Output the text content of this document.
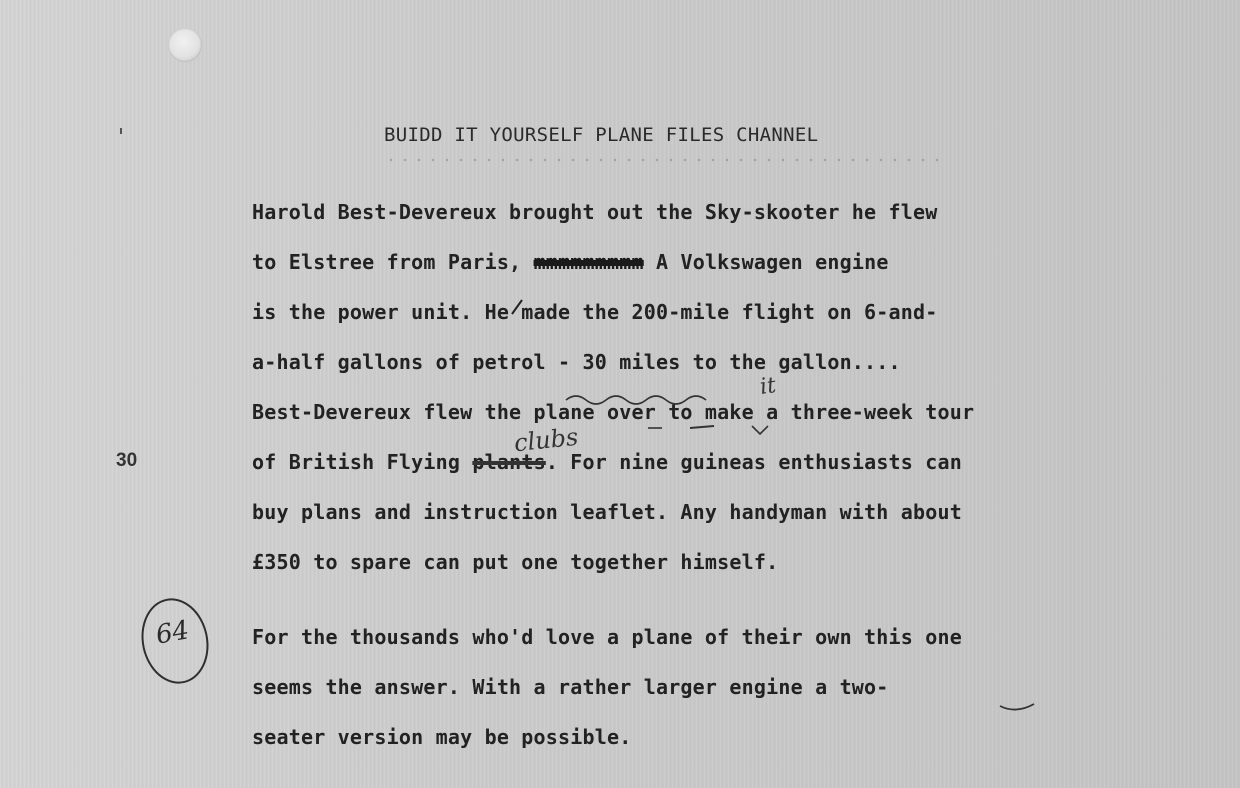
BUIDD IT YOURSELF PLANE FILES CHANNEL
30
Harold Best-Devereux brought out the Sky-skooter he flew
to Elstree from Paris, mmmmmmmmm A Volkswagen engine
is the power unit. He made the 200-mile flight on 6-and-
a-half gallons of petrol - 30 miles to the gallon....
Best-Devereux flew the plane over to make a three-week tour
of British Flying plants. For nine guineas enthusiasts can
buy plans and instruction leaflet. Any handyman with about
£350 to spare can put one together himself.
For the thousands who'd love a plane of their own this one
seems the answer. With a rather larger engine a two-
seater version may be possible.
it
clubs
64
